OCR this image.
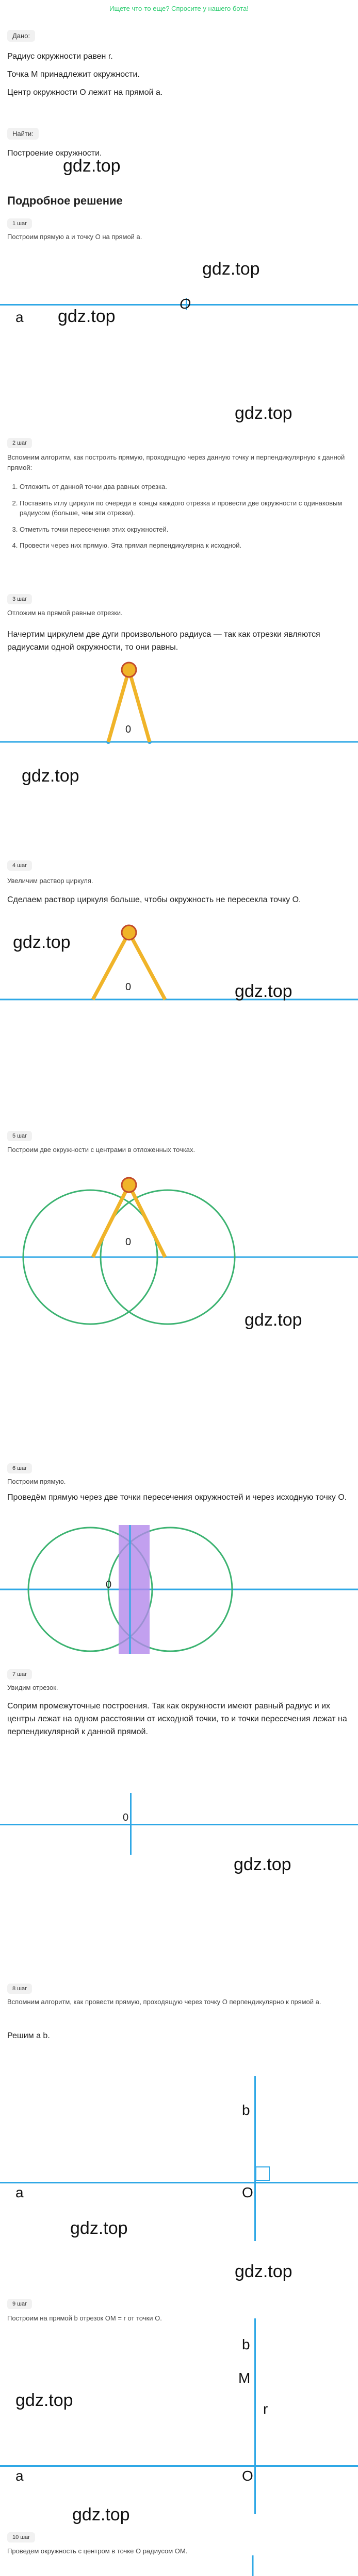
Ищете что-то еще? Спросите у нашего бота!
Дано:
Радиус окружности равен r.
Точка M принадлежит окружности.
Центр окружности O лежит на прямой a.
Найти:
Построение окружности.
gdz.top
Подробное решение
1 шаг
Построим прямую a и точку O на прямой a.
gdz.top
a
O
gdz.top
gdz.top
2 шаг
Вспомним алгоритм, как построить прямую, проходящую через данную точку и перпендикулярную к данной прямой:
1. Отложить от данной точки два равных отрезка.
2. Поставить иглу циркуля по очереди в концы каждого отрезка и провести две окружности с одинаковым радиусом (больше, чем эти отрезки).
3. Отметить точки пересечения этих окружностей.
4. Провести через них прямую. Эта прямая перпендикулярна к исходной.
3 шаг
Отложим на прямой равные отрезки.
Начертим циркулем две дуги произвольного радиуса — так как отрезки являются радиусами одной окружности, то они равны.
0
gdz.top
4 шаг
Увеличим раствор циркуля.
Сделаем раствор циркуля больше, чтобы окружность не пересекла точку O.
gdz.top
0	gdz.top
5 шаг
Построим две окружности с центрами в отложенных точках.
0
gdz.top
6 шаг
Построим прямую.
Проведём прямую через две точки пересечения окружностей и через исходную точку O.
0
7 шаг
Увидим отрезок.
Соприм промежуточные построения. Так как окружности имеют равный радиус и их центры лежат на одном расстоянии от исходной точки, то и точки пересечения лежат на перпендикулярной к данной прямой.
0
gdz.top
8 шаг
Вспомним алгоритм, как провести прямую, проходящую через точку O перпендикулярно к прямой a.
Решим а b.
b
O
a
gdz.top
gdz.top
9 шаг
Построим на прямой b отрезок OM = r от точки O.
b
M
r
O
a
gdz.top
gdz.top
10 шаг
Проведем окружность с центром в точке O радиусом OM.
